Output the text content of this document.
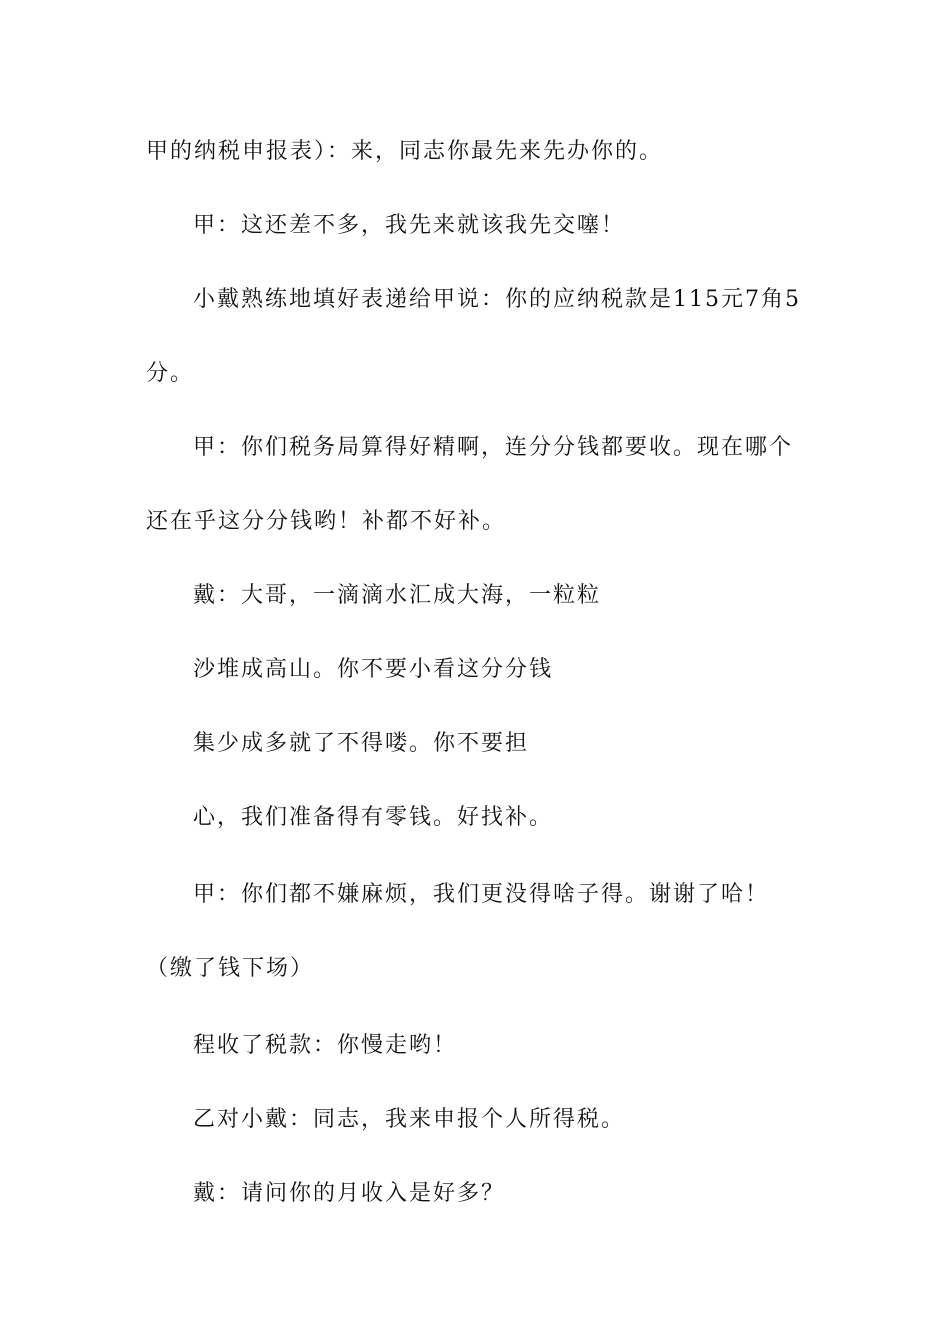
甲的纳税申报表）：来，同志你最先来先办你的。

甲：这还差不多，我先来就该我先交噻！

小戴熟练地填好表递给甲说：你的应纳税款是115元7角5

分。

甲：你们税务局算得好精啊，连分分钱都要收。现在哪个

还在乎这分分钱哟！补都不好补。

戴：大哥，一滴滴水汇成大海，一粒粒

沙堆成高山。你不要小看这分分钱

集少成多就了不得喽。你不要担

心，我们准备得有零钱。好找补。

甲：你们都不嫌麻烦，我们更没得啥子得。谢谢了哈！

（缴了钱下场）

程收了税款：你慢走哟！

乙对小戴：同志，我来申报个人所得税。

戴：请问你的月收入是好多？
